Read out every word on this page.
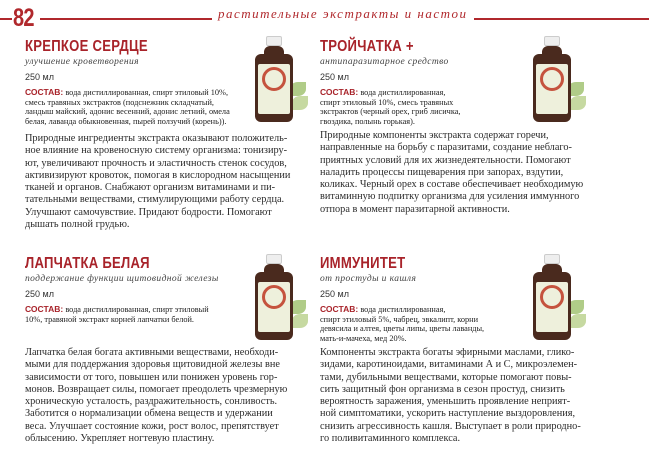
82	растительные экстракты и настои
КРЕПКОЕ СЕРДЦЕ
улучшение кроветворения
250 мл
СОСТАВ: вода дистиллированная, спирт этиловый 10%,
смесь травяных экстрактов (подснежник складчатый,
ландыш майский, адонис весенний, адонис летний, омела
белая, лаванда обыкновенная, пырей ползучий (корень)).
Природные ингредиенты экстракта оказывают положитель-
ное влияние на кровеносную систему организма: тонизиру-
ют, увеличивают прочность и эластичность стенок сосудов,
активизируют кровоток, помогая в кислородном насыщении
тканей и органов. Снабжают организм витаминами и пи-
тательными веществами, стимулирующими работу сердца.
Улучшают самочувствие. Придают бодрости. Помогают
дышать полной грудью.
ТРОЙЧАТКА +
антипаразитарное средство
250 мл
СОСТАВ: вода дистиллированная,
спирт этиловый 10%, смесь травяных
экстрактов (черный орех, гриб лисичка,
гвоздика, полынь горькая).
Природные компоненты экстракта содержат горечи,
направленные на борьбу с паразитами, создание неблаго-
приятных условий для их жизнедеятельности. Помогают
наладить процессы пищеварения при запорах, вздутии,
коликах. Черный орех в составе обеспечивает необходимую
витаминную подпитку организма для усиления иммунного
отпора в момент паразитарной активности.
ЛАПЧАТКА БЕЛАЯ
поддержание функции щитовидной железы
250 мл
СОСТАВ: вода дистиллированная, спирт этиловый
10%, травяной экстракт корней лапчатки белой.
Лапчатка белая богата активными веществами, необходи-
мыми для поддержания здоровья щитовидной железы вне
зависимости от того, повышен или понижен уровень гор-
монов. Возвращает силы, помогает преодолеть чрезмерную
хроническую усталость, раздражительность, сонливость.
Заботится о нормализации обмена веществ и удержании
веса. Улучшает состояние кожи, рост волос, препятствует
облысению. Укрепляет ногтевую пластину.
ИММУНИТЕТ
от простуды и кашля
250 мл
СОСТАВ: вода дистиллированная,
спирт этиловый 5%, чабрец, эвкалипт, корни
девясила и алтея, цветы липы, цветы лаванды,
мать-и-мачеха, мед 20%.
Компоненты экстракта богаты эфирными маслами, глико-
зидами, каротиноидами, витаминами А и С, микроэлемен-
тами, дубильными веществами, которые помогают повы-
сить защитный фон организма в сезон простуд, снизить
вероятность заражения, уменьшить проявление неприят-
ной симптоматики, ускорить наступление выздоровления,
снизить агрессивность кашля. Выступает в роли природно-
го поливитаминного комплекса.
